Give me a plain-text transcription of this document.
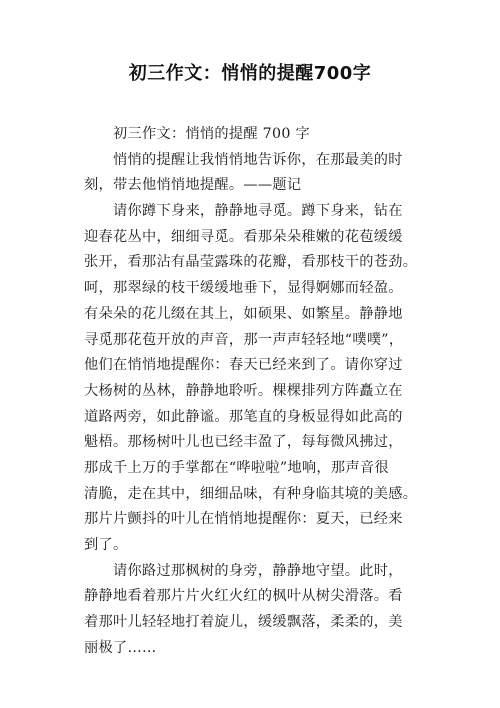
初三作文：悄悄的提醒700字
初三作文：悄悄的提醒 700 字
悄悄的提醒让我悄悄地告诉你，在那最美的时
刻，带去他悄悄地提醒。——题记
请你蹲下身来，静静地寻觅。蹲下身来，钻在
迎春花丛中，细细寻觅。看那朵朵稚嫩的花苞缓缓
张开，看那沾有晶莹露珠的花瓣，看那枝干的苍劲。
呵，那翠绿的枝干缓缓地垂下，显得婀娜而轻盈。
有朵朵的花儿缀在其上，如硕果、如繁星。静静地
寻觅那花苞开放的声音，那一声声轻轻地“噗噗”，
他们在悄悄地提醒你：春天已经来到了。请你穿过
大杨树的丛林，静静地聆听。棵棵排列方阵矗立在
道路两旁，如此静谧。那笔直的身板显得如此高的
魁梧。那杨树叶儿也已经丰盈了，每每微风拂过，
那成千上万的手掌都在“哗啦啦”地响，那声音很
清脆，走在其中，细细品味，有种身临其境的美感。
那片片颤抖的叶儿在悄悄地提醒你：夏天，已经来
到了。
请你路过那枫树的身旁，静静地守望。此时，
静静地看着那片片火红火红的枫叶从树尖滑落。看
着那叶儿轻轻地打着旋儿，缓缓飘落，柔柔的，美
丽极了……
